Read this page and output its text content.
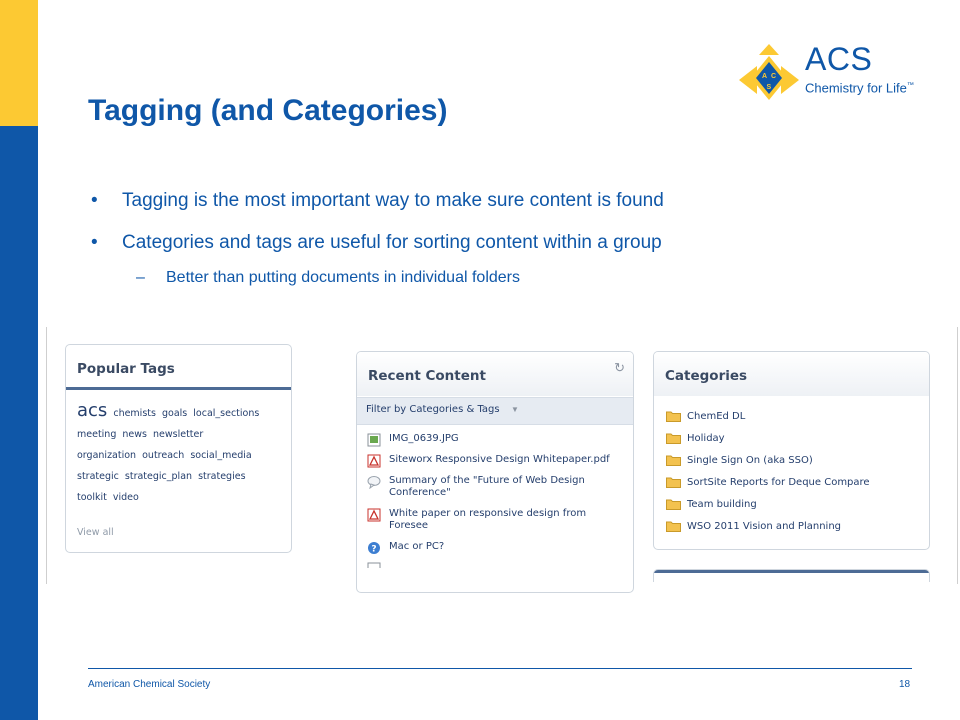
A C
S
ACS
Chemistry for Life™
Tagging (and Categories)
• Tagging is the most important way to make sure content is found
• Categories and tags are useful for sorting content within a group
– Better than putting documents in individual folders
Popular Tags
acs chemists goals local_sections
meeting news newsletter
organization outreach social_media
strategic strategic_plan strategies
toolkit video
View all
Recent Content
↻
Filter by Categories & Tags ▼
IMG_0639.JPG
Siteworx Responsive Design Whitepaper.pdf
Summary of the "Future of Web Design Conference"
White paper on responsive design from Foresee
? Mac or PC?
Categories
ChemEd DL
Holiday
Single Sign On (aka SSO)
SortSite Reports for Deque Compare
Team building
WSO 2011 Vision and Planning
American Chemical Society	18
